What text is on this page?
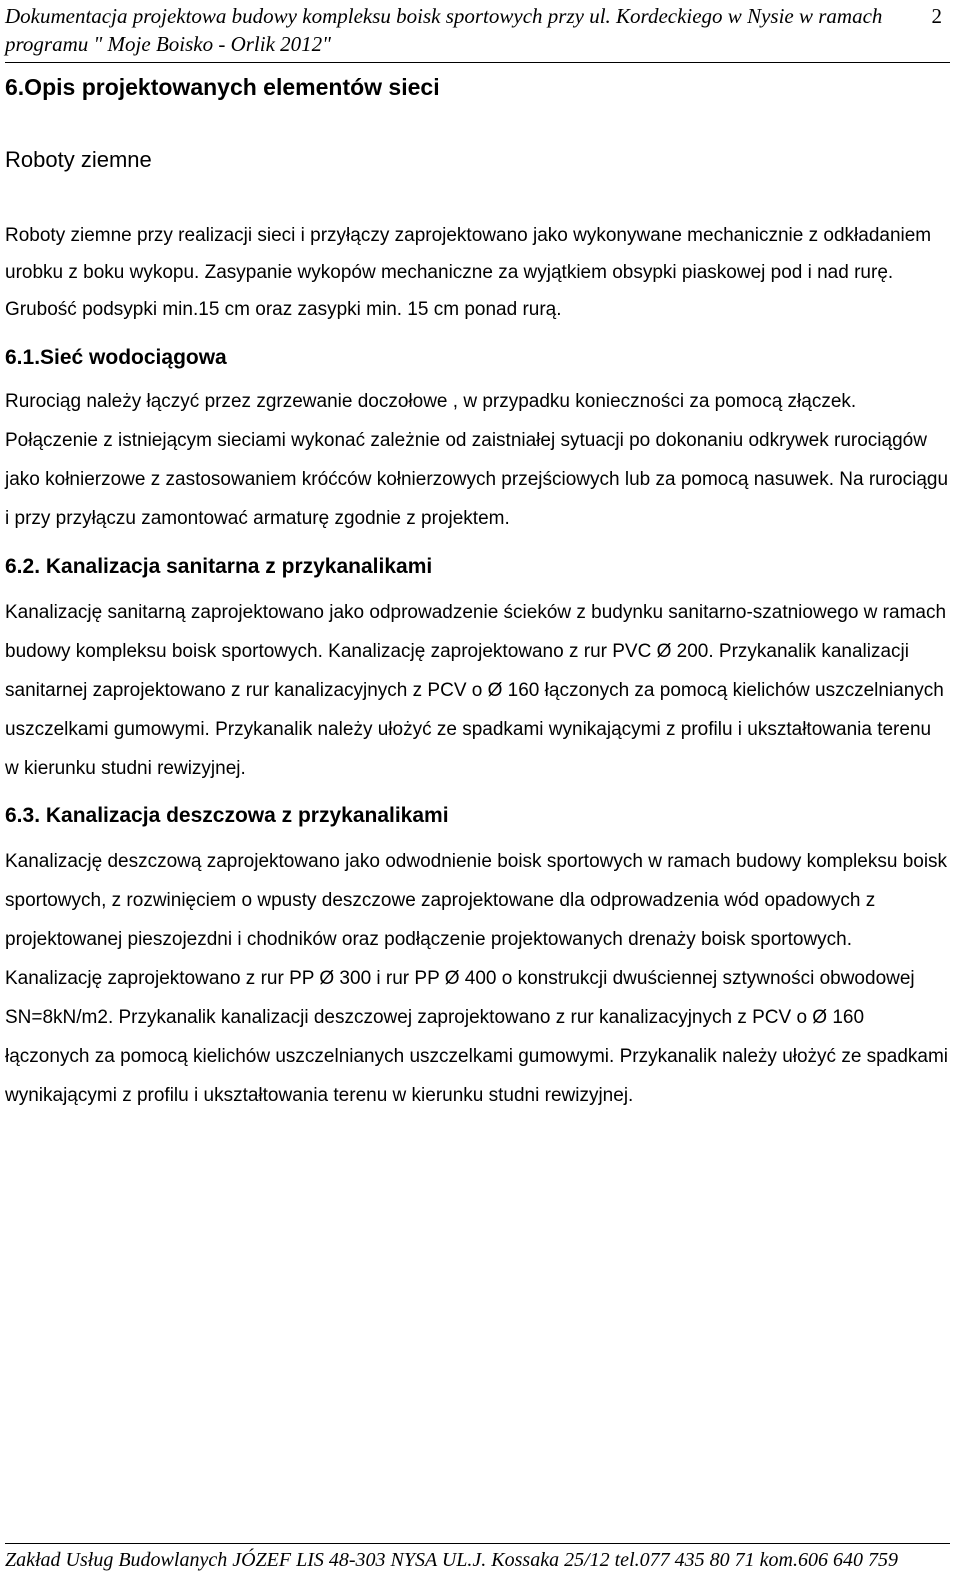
Dokumentacja projektowa budowy kompleksu boisk sportowych przy ul. Kordeckiego w Nysie w ramach programu " Moje Boisko - Orlik 2012"
2
6.Opis projektowanych elementów sieci
Roboty ziemne

Roboty ziemne przy realizacji sieci i przyłączy zaprojektowano jako wykonywane mechanicznie z odkładaniem urobku z boku wykopu. Zasypanie wykopów mechaniczne za wyjątkiem obsypki piaskowej pod i nad rurę. Grubość podsypki min.15 cm oraz zasypki min. 15 cm ponad rurą.

6.1.Sieć wodociągowa

Rurociąg należy łączyć przez zgrzewanie doczołowe , w przypadku konieczności za pomocą złączek. Połączenie z istniejącym sieciami wykonać zależnie od zaistniałej sytuacji po dokonaniu odkrywek rurociągów jako kołnierzowe z zastosowaniem króćców kołnierzowych przejściowych lub za pomocą nasuwek. Na rurociągu i przy przyłączu zamontować armaturę zgodnie z projektem.

6.2. Kanalizacja sanitarna z przykanalikami

Kanalizację sanitarną zaprojektowano jako odprowadzenie ścieków z budynku sanitarno-szatniowego w ramach budowy kompleksu boisk sportowych. Kanalizację zaprojektowano z rur PVC Ø 200. Przykanalik kanalizacji sanitarnej zaprojektowano z rur kanalizacyjnych z PCV o Ø 160 łączonych za pomocą kielichów uszczelnianych uszczelkami gumowymi. Przykanalik należy ułożyć ze spadkami wynikającymi z profilu i ukształtowania terenu w kierunku studni rewizyjnej.

6.3. Kanalizacja deszczowa z przykanalikami

Kanalizację deszczową zaprojektowano jako odwodnienie boisk sportowych w ramach budowy kompleksu boisk sportowych, z rozwinięciem o wpusty deszczowe zaprojektowane dla odprowadzenia wód opadowych z projektowanej pieszojezdni i chodników oraz podłączenie projektowanych drenaży boisk sportowych. Kanalizację zaprojektowano z rur PP Ø 300 i rur PP Ø 400 o konstrukcji dwuściennej sztywności obwodowej SN=8kN/m2. Przykanalik kanalizacji deszczowej zaprojektowano z rur kanalizacyjnych z PCV o Ø 160 łączonych za pomocą kielichów uszczelnianych uszczelkami gumowymi. Przykanalik należy ułożyć ze spadkami wynikającymi z profilu i ukształtowania terenu w kierunku studni rewizyjnej.

Zakład Usług Budowlanych JÓZEF LIS 48-303 NYSA UL.J. Kossaka 25/12 tel.077 435 80 71 kom.606 640 759
